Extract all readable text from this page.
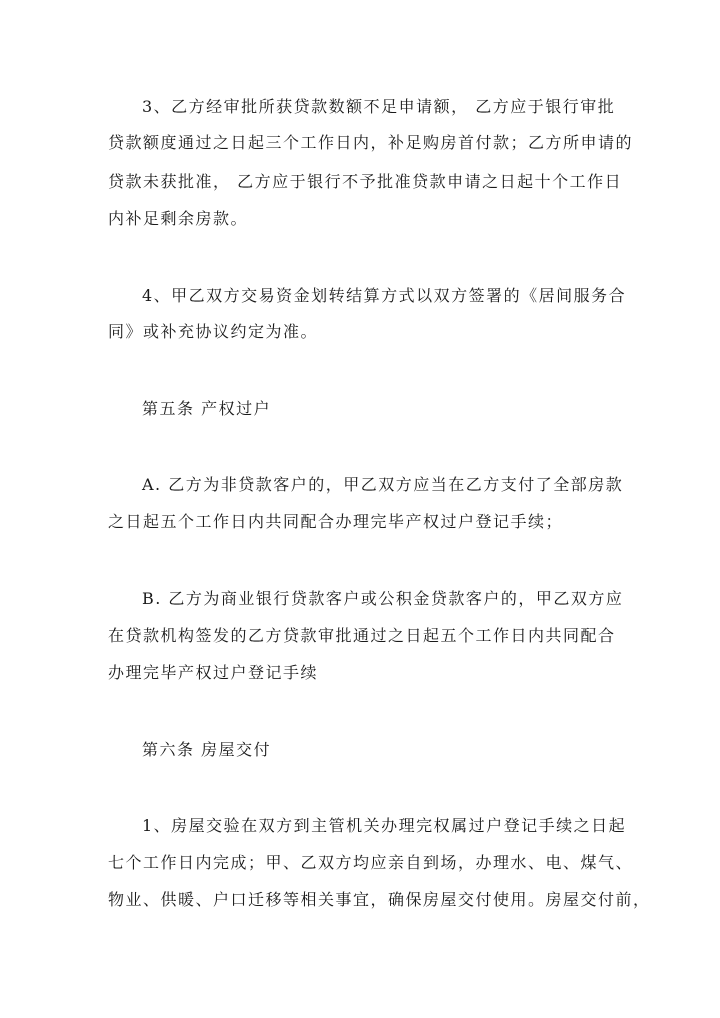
3、乙方经审批所获贷款数额不足申请额， 乙方应于银行审批
贷款额度通过之日起三个工作日内，补足购房首付款；乙方所申请的
贷款未获批准， 乙方应于银行不予批准贷款申请之日起十个工作日
内补足剩余房款。
4、甲乙双方交易资金划转结算方式以双方签署的《居间服务合
同》或补充协议约定为准。
第五条 产权过户
A. 乙方为非贷款客户的，甲乙双方应当在乙方支付了全部房款
之日起五个工作日内共同配合办理完毕产权过户登记手续；
B. 乙方为商业银行贷款客户或公积金贷款客户的，甲乙双方应
在贷款机构签发的乙方贷款审批通过之日起五个工作日内共同配合
办理完毕产权过户登记手续
第六条 房屋交付
1、房屋交验在双方到主管机关办理完权属过户登记手续之日起
七个工作日内完成；甲、乙双方均应亲自到场，办理水、电、煤气、
物业、供暖、户口迁移等相关事宜，确保房屋交付使用。房屋交付前，
